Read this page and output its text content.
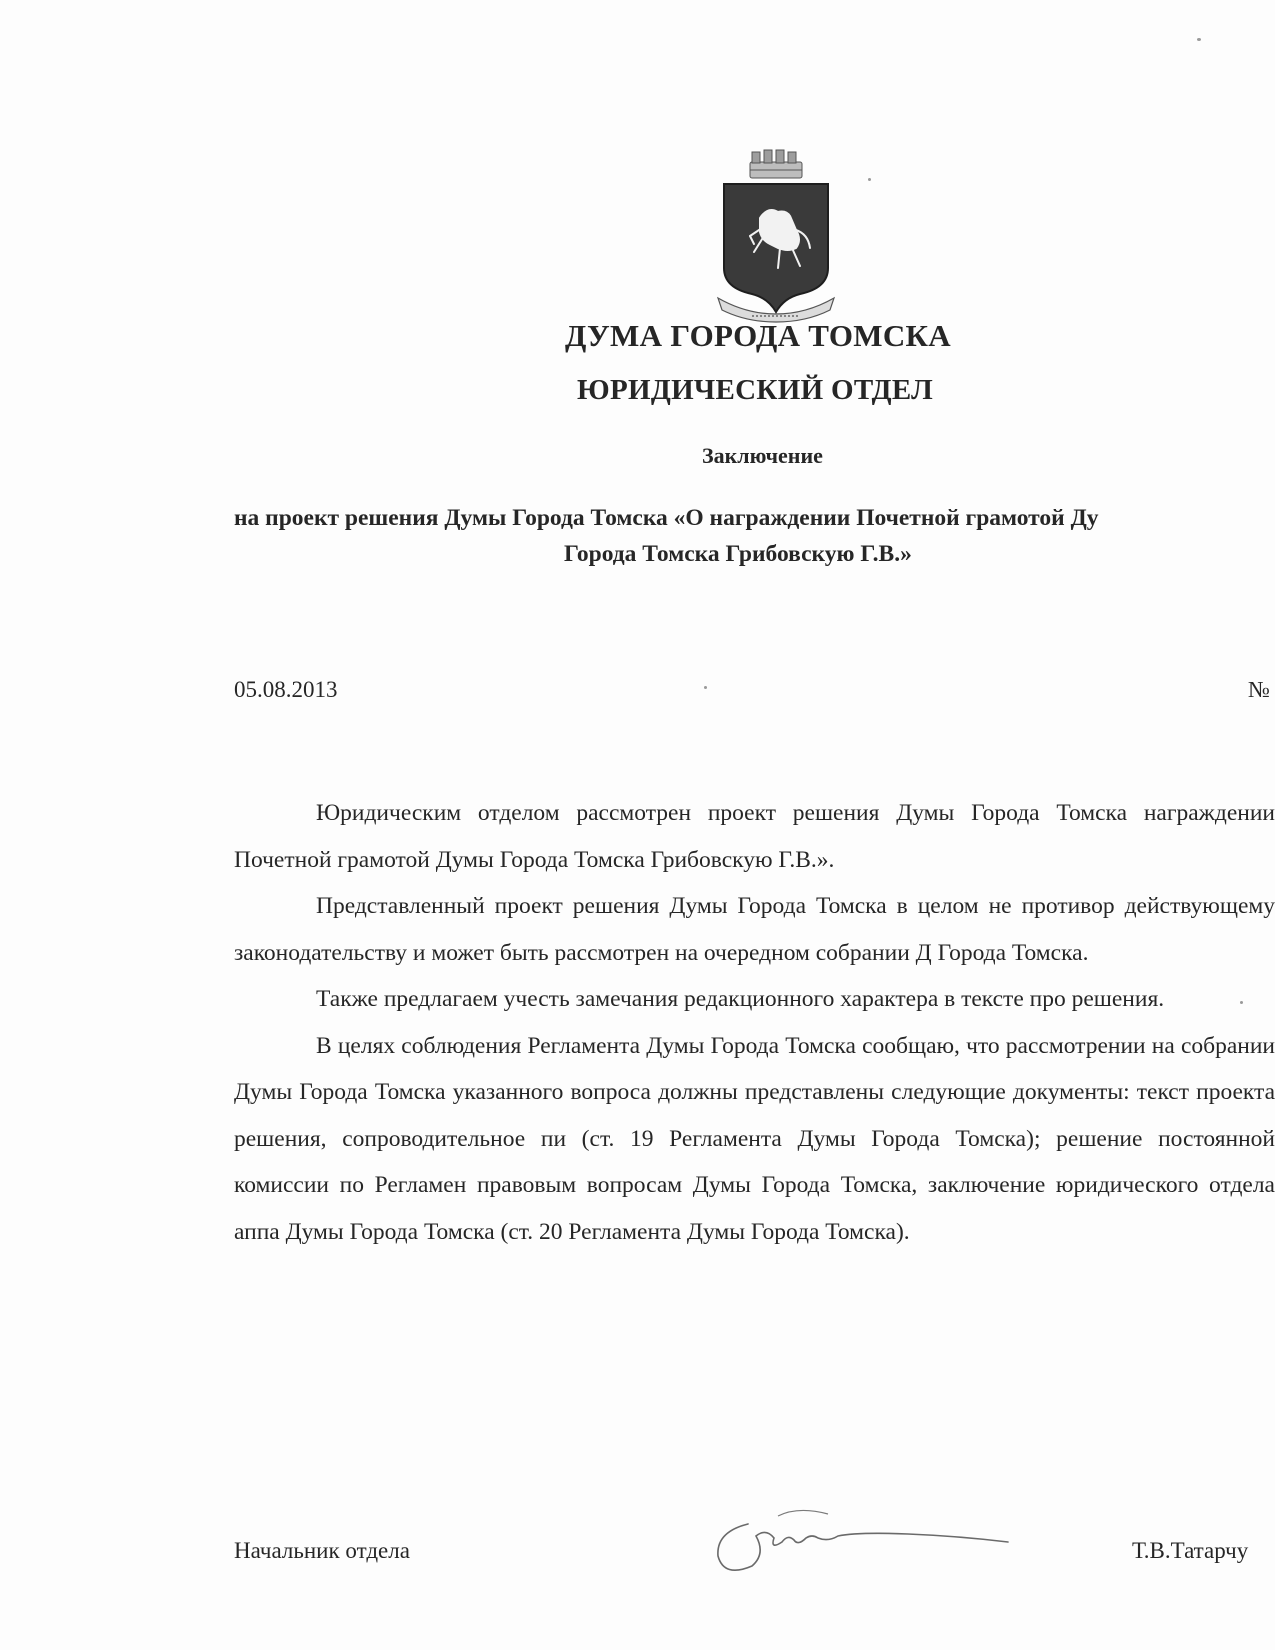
ДУМА ГОРОДА ТОМСКА
ЮРИДИЧЕСКИЙ ОТДЕЛ
Заключение
на проект решения Думы Города Томска «О награждении Почетной грамотой Ду
Города Томска Грибовскую Г.В.»
05.08.2013	№

Юридическим отделом рассмотрен проект решения Думы Города Томска награждении Почетной грамотой Думы Города Томска Грибовскую Г.В.».

Представленный проект решения Думы Города Томска в целом не противор действующему законодательству и может быть рассмотрен на очередном собрании Д Города Томска.

Также предлагаем учесть замечания редакционного характера в тексте про решения.

В целях соблюдения Регламента Думы Города Томска сообщаю, что рассмотрении на собрании Думы Города Томска указанного вопроса должны представлены следующие документы: текст проекта решения, сопроводительное пи (ст. 19 Регламента Думы Города Томска); решение постоянной комиссии по Регламен правовым вопросам Думы Города Томска, заключение юридического отдела аппа Думы Города Томска (ст. 20 Регламента Думы Города Томска).

Начальник отдела	Т.В.Татарчу
